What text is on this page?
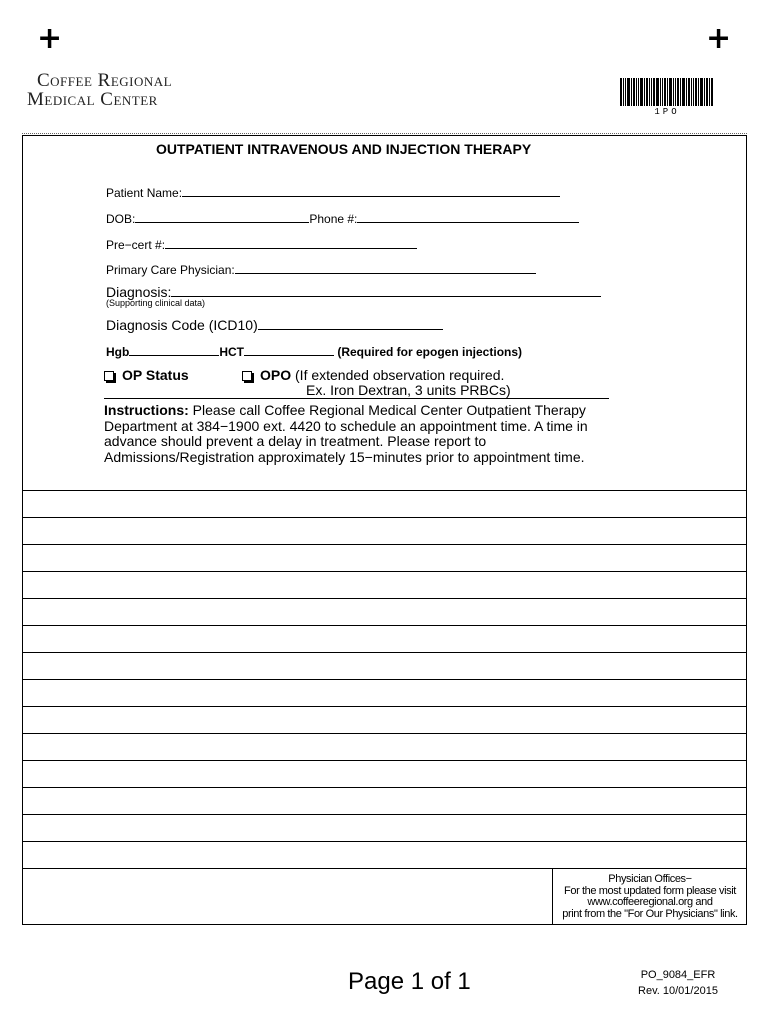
+	+
Coffee Regional
Medical Center
1PO
OUTPATIENT INTRAVENOUS AND INJECTION THERAPY
Patient Name:
DOB:	Phone #:
Pre−cert #:
Primary Care Physician:
Diagnosis:
(Supporting clinical data)
Diagnosis Code (ICD10)
Hgb	HCT	(Required for epogen injections)
OP Status	OPO (If extended observation required.
Ex. Iron Dextran, 3 units PRBCs)
Instructions: Please call Coffee Regional Medical Center Outpatient Therapy Department at 384−1900 ext. 4420 to schedule an appointment time. A time in advance should prevent a delay in treatment. Please report to Admissions/Registration approximately 15−minutes prior to appointment time.
Physician Offices−
For the most updated form please visit
www.coffeeregional.org and
print from the "For Our Physicians" link.
Page 1 of 1	PO_9084_EFR
Rev. 10/01/2015
